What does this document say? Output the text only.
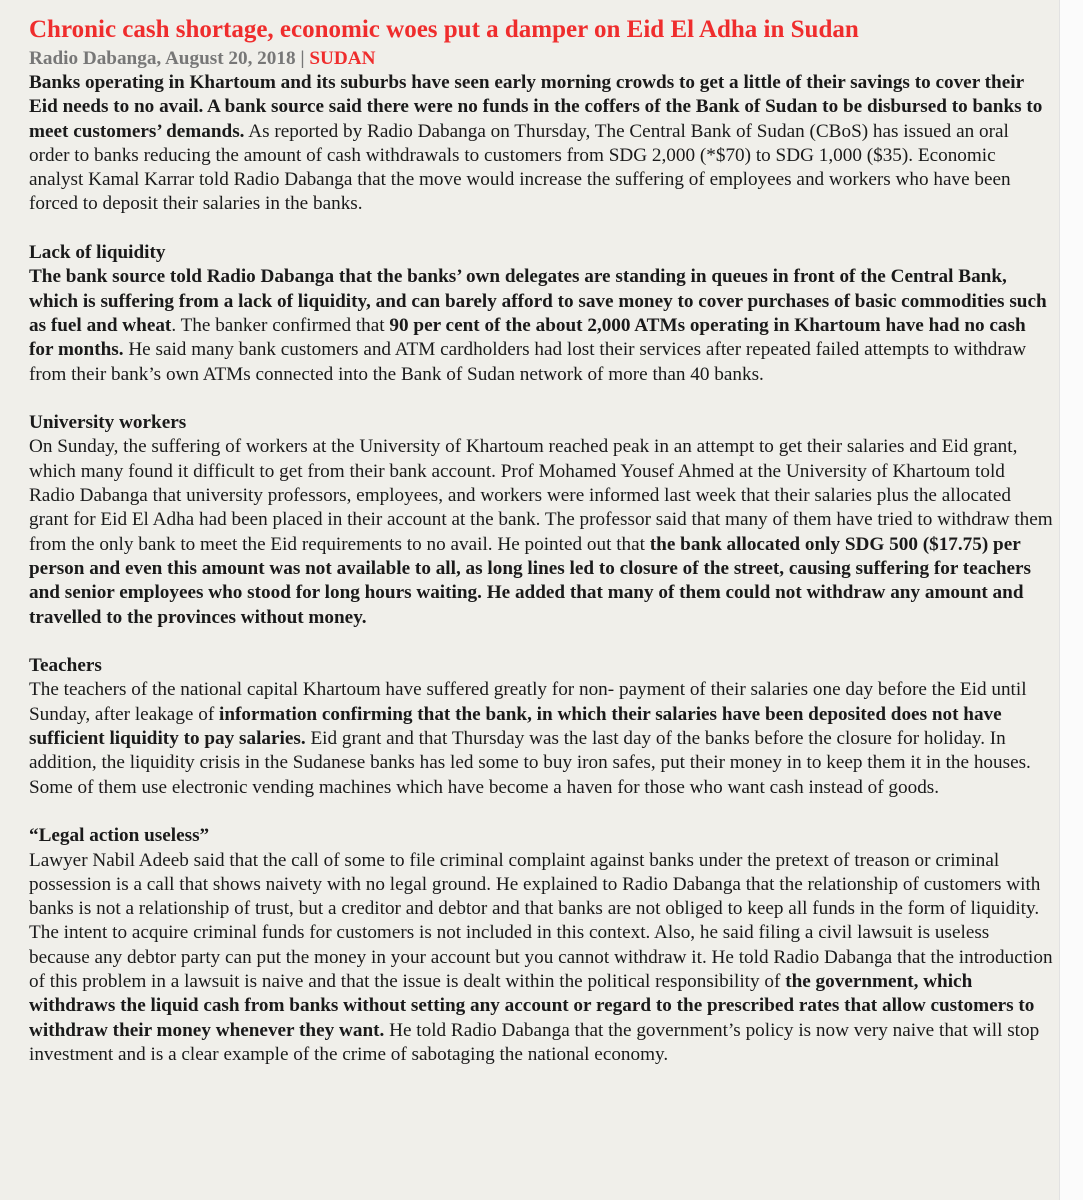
Chronic cash shortage, economic woes put a damper on Eid El Adha in Sudan
Radio Dabanga, August 20, 2018 | SUDAN

Banks operating in Khartoum and its suburbs have seen early morning crowds to get a little of their savings to cover their Eid needs to no avail. A bank source said there were no funds in the coffers of the Bank of Sudan to be disbursed to banks to meet customers’ demands. As reported by Radio Dabanga on Thursday, The Central Bank of Sudan (CBoS) has issued an oral order to banks reducing the amount of cash withdrawals to customers from SDG 2,000 (*$70) to SDG 1,000 ($35). Economic analyst Kamal Karrar told Radio Dabanga that the move would increase the suffering of employees and workers who have been forced to deposit their salaries in the banks.

Lack of liquidity

The bank source told Radio Dabanga that the banks’ own delegates are standing in queues in front of the Central Bank, which is suffering from a lack of liquidity, and can barely afford to save money to cover purchases of basic commodities such as fuel and wheat. The banker confirmed that 90 per cent of the about 2,000 ATMs operating in Khartoum have had no cash for months. He said many bank customers and ATM cardholders had lost their services after repeated failed attempts to withdraw from their bank’s own ATMs connected into the Bank of Sudan network of more than 40 banks.

University workers

On Sunday, the suffering of workers at the University of Khartoum reached peak in an attempt to get their salaries and Eid grant, which many found it difficult to get from their bank account. Prof Mohamed Yousef Ahmed at the University of Khartoum told Radio Dabanga that university professors, employees, and workers were informed last week that their salaries plus the allocated grant for Eid El Adha had been placed in their account at the bank. The professor said that many of them have tried to withdraw them from the only bank to meet the Eid requirements to no avail. He pointed out that the bank allocated only SDG 500 ($17.75) per person and even this amount was not available to all, as long lines led to closure of the street, causing suffering for teachers and senior employees who stood for long hours waiting. He added that many of them could not withdraw any amount and travelled to the provinces without money.

Teachers

The teachers of the national capital Khartoum have suffered greatly for non- payment of their salaries one day before the Eid until Sunday, after leakage of information confirming that the bank, in which their salaries have been deposited does not have sufficient liquidity to pay salaries. Eid grant and that Thursday was the last day of the banks before the closure for holiday. In addition, the liquidity crisis in the Sudanese banks has led some to buy iron safes, put their money in to keep them it in the houses. Some of them use electronic vending machines which have become a haven for those who want cash instead of goods.

“Legal action useless”

Lawyer Nabil Adeeb said that the call of some to file criminal complaint against banks under the pretext of treason or criminal possession is a call that shows naivety with no legal ground. He explained to Radio Dabanga that the relationship of customers with banks is not a relationship of trust, but a creditor and debtor and that banks are not obliged to keep all funds in the form of liquidity. The intent to acquire criminal funds for customers is not included in this context. Also, he said filing a civil lawsuit is useless because any debtor party can put the money in your account but you cannot withdraw it. He told Radio Dabanga that the introduction of this problem in a lawsuit is naive and that the issue is dealt within the political responsibility of the government, which withdraws the liquid cash from banks without setting any account or regard to the prescribed rates that allow customers to withdraw their money whenever they want. He told Radio Dabanga that the government’s policy is now very naive that will stop investment and is a clear example of the crime of sabotaging the national economy.
